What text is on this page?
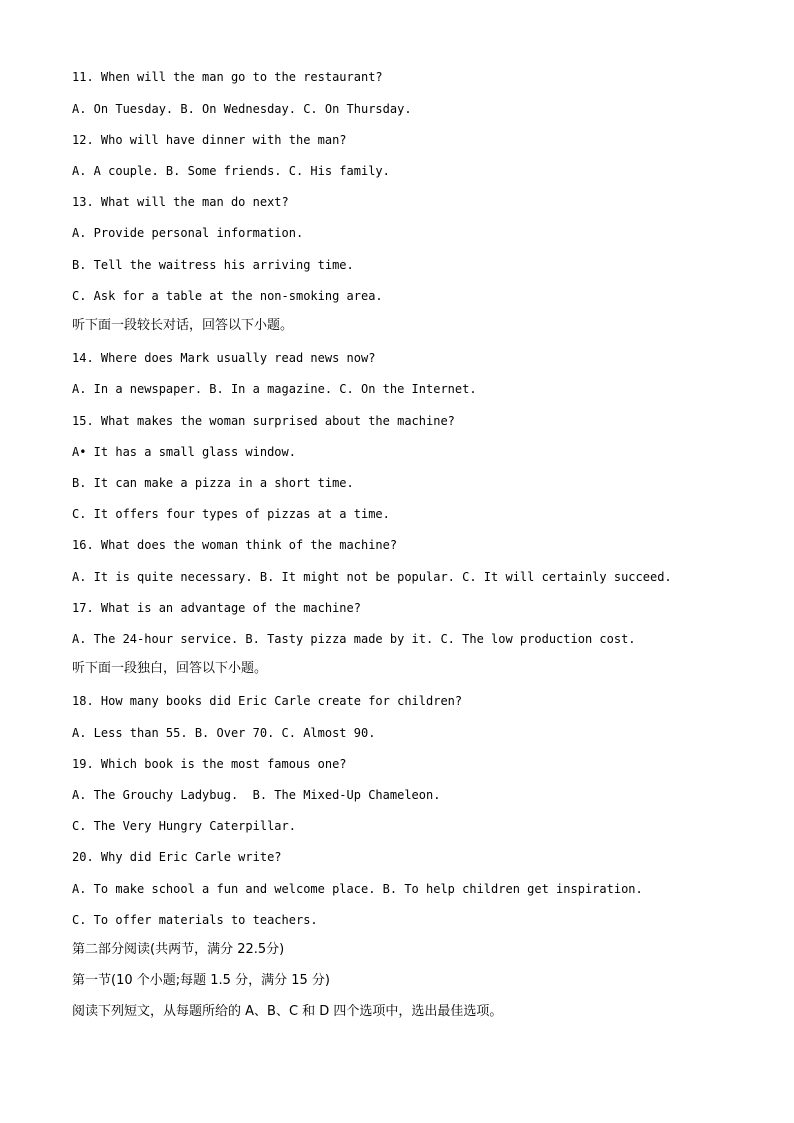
11. When will the man go to the restaurant?
A. On Tuesday. B. On Wednesday. C. On Thursday.
12. Who will have dinner with the man?
A. A couple. B. Some friends. C. His family.
13. What will the man do next?
A. Provide personal information.
B. Tell the waitress his arriving time.
C. Ask for a table at the non-smoking area.
听下面一段较长对话，回答以下小题。
14. Where does Mark usually read news now?
A. In a newspaper. B. In a magazine. C. On the Internet.
15. What makes the woman surprised about the machine?
A• It has a small glass window.
B. It can make a pizza in a short time.
C. It offers four types of pizzas at a time.
16. What does the woman think of the machine?
A. It is quite necessary. B. It might not be popular. C. It will certainly succeed.
17. What is an advantage of the machine?
A. The 24-hour service. B. Tasty pizza made by it. C. The low production cost.
听下面一段独白，回答以下小题。
18. How many books did Eric Carle create for children?
A. Less than 55. B. Over 70. C. Almost 90.
19. Which book is the most famous one?
A. The Grouchy Ladybug.  B. The Mixed-Up Chameleon.
C. The Very Hungry Caterpillar.
20. Why did Eric Carle write?
A. To make school a fun and welcome place. B. To help children get inspiration.
C. To offer materials to teachers.
第二部分阅读(共两节，满分 22.5分)
第一节(10 个小题;每题 1.5 分，满分 15 分)
阅读下列短文，从每题所给的 A、B、C 和 D 四个选项中，选出最佳选项。
